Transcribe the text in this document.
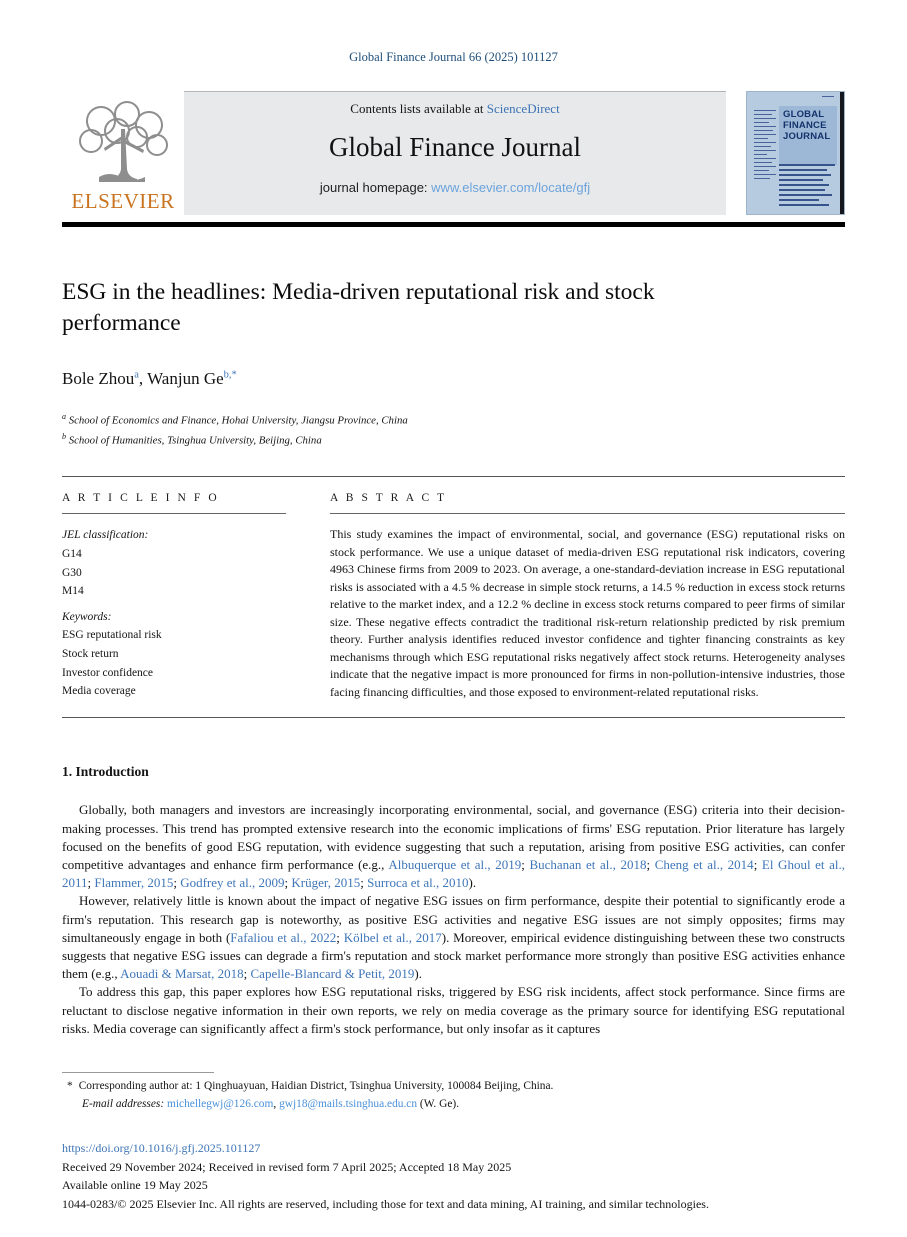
Global Finance Journal 66 (2025) 101127
ELSEVIER
Contents lists available at ScienceDirect
Global Finance Journal
journal homepage: www.elsevier.com/locate/gfj
GLOBAL
FINANCE
JOURNAL
ESG in the headlines: Media-driven reputational risk and stock performance
Bole Zhou$^a$, Wanjun $Ge^{b,*}$
$^a$ School of Economics and Finance, Hohai University, Jiangsu Province, China
$^b$ School of Humanities, Tsinghua University, Beijing, China
A R T I C L E I N F O
JEL classification:
G14
G30
M14
Keywords:
ESG reputational risk
Stock return
Investor confidence
Media coverage
A B S T R A C T
This study examines the impact of environmental, social, and governance (ESG) reputational risks on stock performance. We use a unique dataset of media-driven ESG reputational risk indicators, covering 4963 Chinese firms from 2009 to 2023. On average, a one-standard-deviation increase in ESG reputational risks is associated with a 4.5 % decrease in simple stock returns, a 14.5 % reduction in excess stock returns relative to the market index, and a 12.2 % decline in excess stock returns compared to peer firms of similar size. These negative effects contradict the traditional risk-return relationship predicted by risk premium theory. Further analysis identifies reduced investor confidence and tighter financing constraints as key mechanisms through which ESG reputational risks negatively affect stock returns. Heterogeneity analyses indicate that the negative impact is more pronounced for firms in non-pollution-intensive industries, those facing financing difficulties, and those exposed to environment-related reputational risks.
1. Introduction

Globally, both managers and investors are increasingly incorporating environmental, social, and governance (ESG) criteria into their decision-making processes. This trend has prompted extensive research into the economic implications of firms' ESG reputation. Prior literature has largely focused on the benefits of good ESG reputation, with evidence suggesting that such a reputation, arising from positive ESG activities, can confer competitive advantages and enhance firm performance (e.g., Albuquerque et al., 2019; Buchanan et al., 2018; Cheng et al., 2014; El Ghoul et al., 2011; Flammer, 2015; Godfrey et al., 2009; Krüger, 2015; Surroca et al., 2010).

However, relatively little is known about the impact of negative ESG issues on firm performance, despite their potential to significantly erode a firm's reputation. This research gap is noteworthy, as positive ESG activities and negative ESG issues are not simply opposites; firms may simultaneously engage in both (Fafaliou et al., 2022; Kölbel et al., 2017). Moreover, empirical evidence distinguishing between these two constructs suggests that negative ESG issues can degrade a firm's reputation and stock market performance more strongly than positive ESG activities enhance them (e.g., Aouadi & Marsat, 2018; Capelle-Blancard & Petit, 2019).

To address this gap, this paper explores how ESG reputational risks, triggered by ESG risk incidents, affect stock performance. Since firms are reluctant to disclose negative information in their own reports, we rely on media coverage as the primary source for identifying ESG reputational risks. Media coverage can significantly affect a firm's stock performance, but only insofar as it captures

* Corresponding author at: 1 Qinghuayuan, Haidian District, Tsinghua University, 100084 Beijing, China.
E-mail addresses: michellegwj@126.com, gwj18@mails.tsinghua.edu.cn (W. Ge).
https://doi.org/10.1016/j.gfj.2025.101127
Received 29 November 2024; Received in revised form 7 April 2025; Accepted 18 May 2025
Available online 19 May 2025
1044-0283/© 2025 Elsevier Inc. All rights are reserved, including those for text and data mining, AI training, and similar technologies.
